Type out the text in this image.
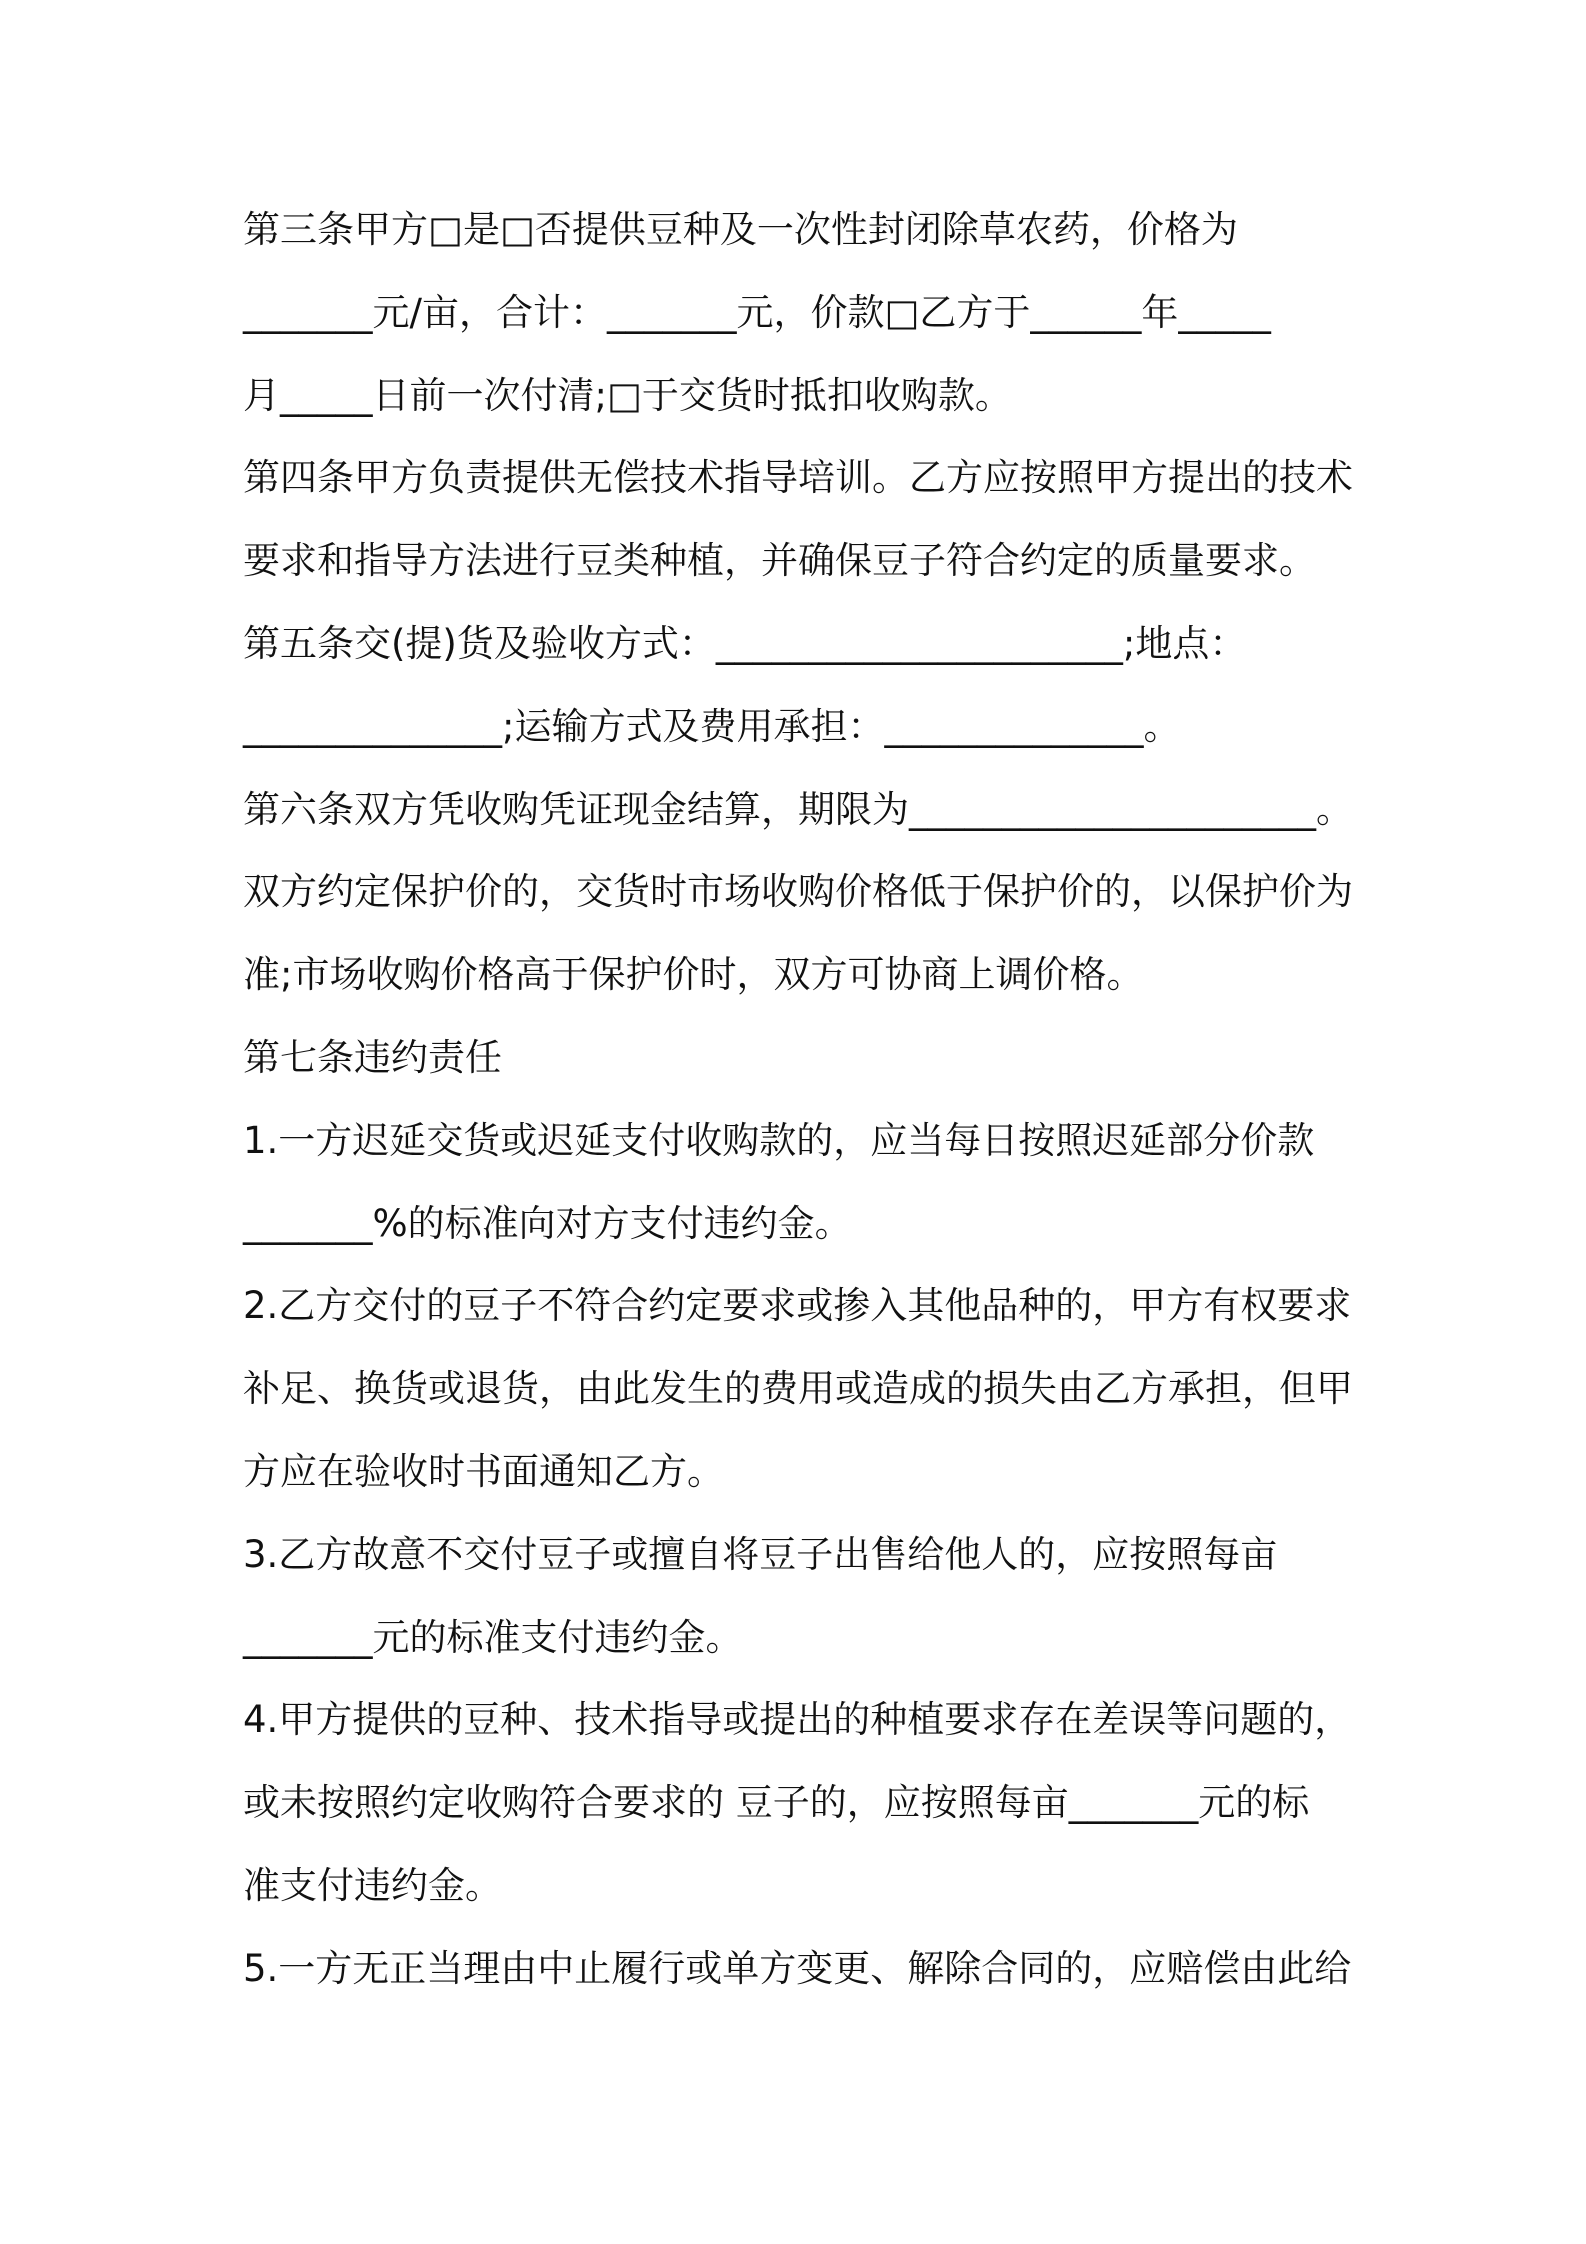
第三条甲方□是□否提供豆种及一次性封闭除草农药，价格为
_______元/亩，合计：_______元，价款□乙方于______年_____
月_____日前一次付清;□于交货时抵扣收购款。
第四条甲方负责提供无偿技术指导培训。乙方应按照甲方提出的技术
要求和指导方法进行豆类种植，并确保豆子符合约定的质量要求。
第五条交(提)货及验收方式：______________________;地点：
______________;运输方式及费用承担：______________。
第六条双方凭收购凭证现金结算，期限为______________________。
双方约定保护价的，交货时市场收购价格低于保护价的，以保护价为
准;市场收购价格高于保护价时，双方可协商上调价格。
第七条违约责任
1.一方迟延交货或迟延支付收购款的，应当每日按照迟延部分价款
_______%的标准向对方支付违约金。
2.乙方交付的豆子不符合约定要求或掺入其他品种的，甲方有权要求
补足、换货或退货，由此发生的费用或造成的损失由乙方承担，但甲
方应在验收时书面通知乙方。
3.乙方故意不交付豆子或擅自将豆子出售给他人的，应按照每亩
_______元的标准支付违约金。
4.甲方提供的豆种、技术指导或提出的种植要求存在差误等问题的，
或未按照约定收购符合要求的 豆子的，应按照每亩_______元的标
准支付违约金。
5.一方无正当理由中止履行或单方变更、解除合同的，应赔偿由此给
